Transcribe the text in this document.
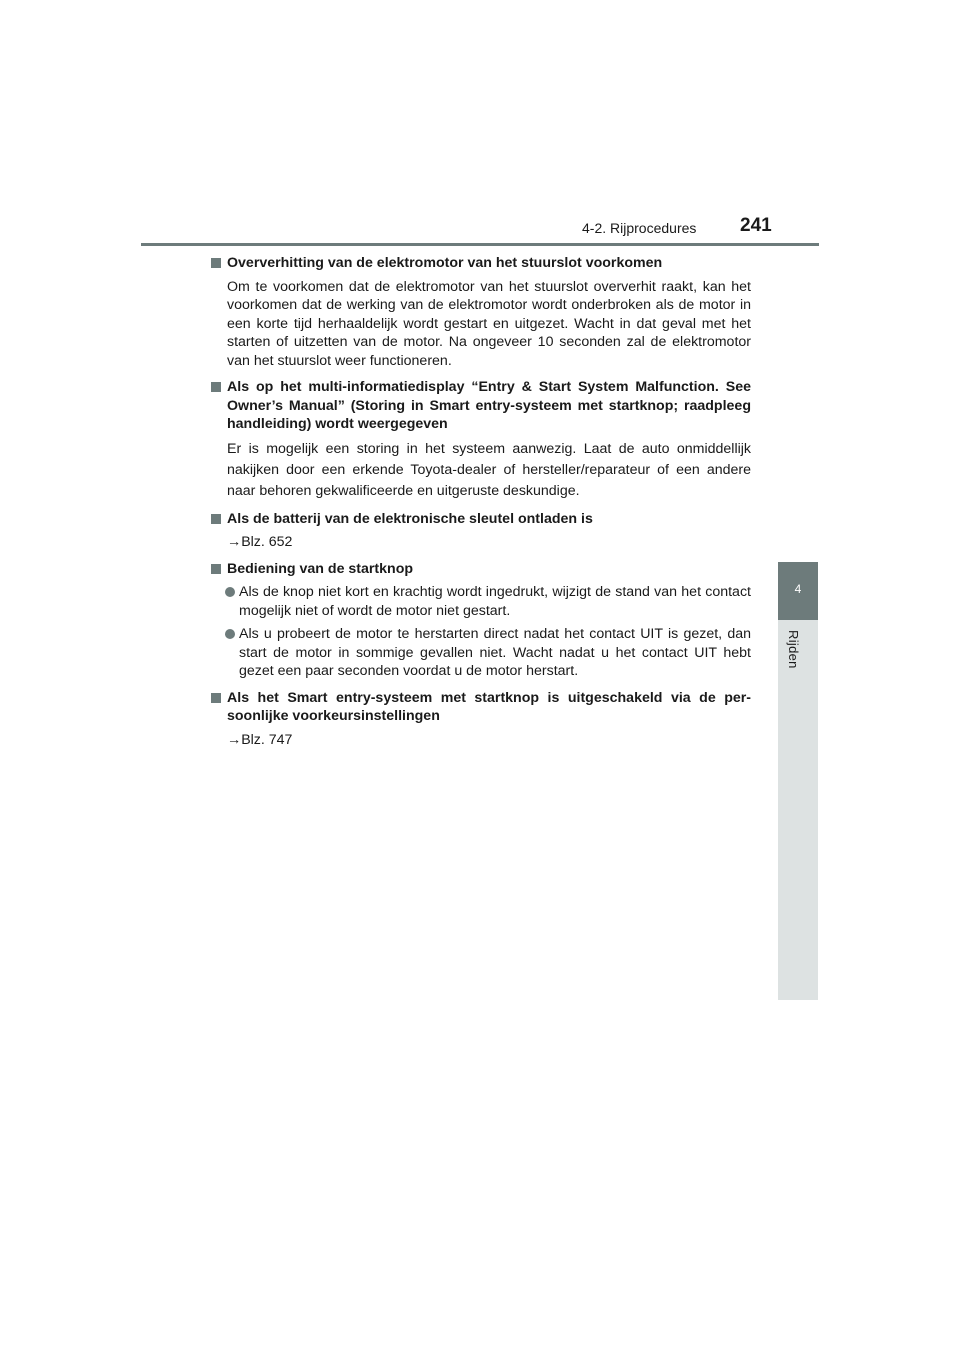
4-2. Rijprocedures 241
4
Rijden
Oververhitting van de elektromotor van het stuurslot voorkomen
Om te voorkomen dat de elektromotor van het stuurslot oververhit raakt, kan het voorkomen dat de werking van de elektromotor wordt onderbroken als de motor in een korte tijd herhaaldelijk wordt gestart en uitgezet. Wacht in dat geval met het starten of uitzetten van de motor. Na ongeveer 10 seconden zal de elektromotor van het stuurslot weer functioneren.
Als op het multi-informatiedisplay “Entry & Start System Malfunction. See Owner’s Manual” (Storing in Smart entry-systeem met startknop; raadpleeg handleiding) wordt weergegeven
Er is mogelijk een storing in het systeem aanwezig. Laat de auto onmiddellijk nakijken door een erkende Toyota-dealer of hersteller/reparateur of een andere naar behoren gekwalificeerde en uitgeruste deskundige.
Als de batterij van de elektronische sleutel ontladen is
→Blz. 652
Bediening van de startknop
Als de knop niet kort en krachtig wordt ingedrukt, wijzigt de stand van het contact mogelijk niet of wordt de motor niet gestart.
Als u probeert de motor te herstarten direct nadat het contact UIT is gezet, dan start de motor in sommige gevallen niet. Wacht nadat u het contact UIT hebt gezet een paar seconden voordat u de motor herstart.
Als het Smart entry-systeem met startknop is uitgeschakeld via de per-soonlijke voorkeursinstellingen
→Blz. 747
